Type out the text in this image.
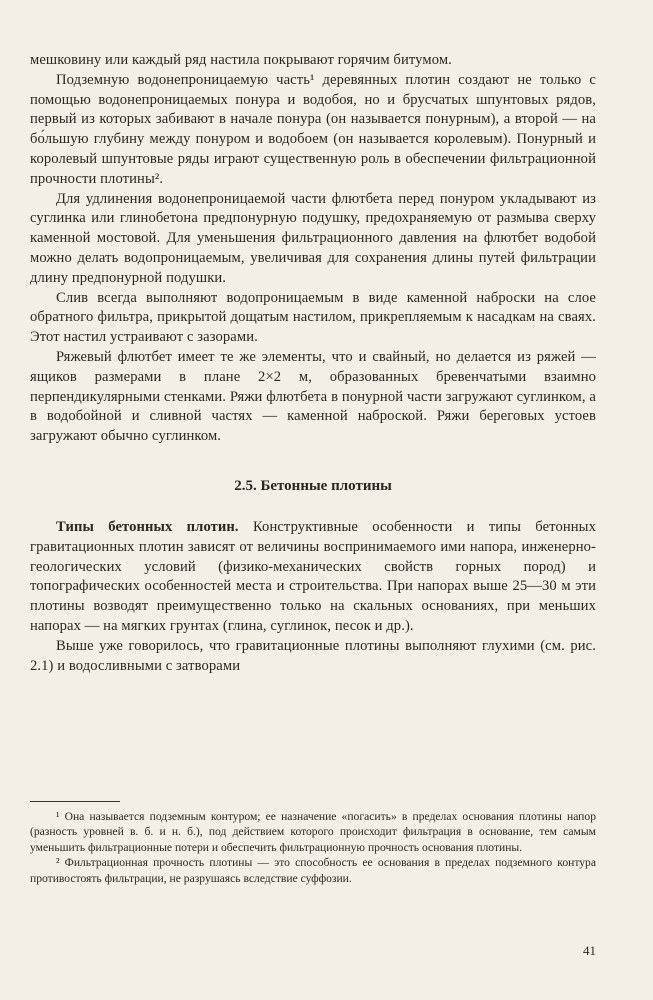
мешковину или каждый ряд настила покрывают горячим битумом.

Подземную водонепроницаемую часть¹ деревянных плотин создают не только с помощью водонепроницаемых понура и водобоя, но и брусчатых шпунтовых рядов, первый из которых забивают в начале понура (он называется понурным), а второй — на бо́льшую глубину между понуром и водобоем (он называется королевым). Понурный и королевый шпунтовые ряды играют существенную роль в обеспечении фильтрационной прочности плотины².

Для удлинения водонепроницаемой части флютбета перед понуром укладывают из суглинка или глинобетона предпонурную подушку, предохраняемую от размыва сверху каменной мостовой. Для уменьшения фильтрационного давления на флютбет водобой можно делать водопроницаемым, увеличивая для сохранения длины путей фильтрации длину предпонурной подушки.

Слив всегда выполняют водопроницаемым в виде каменной наброски на слое обратного фильтра, прикрытой дощатым настилом, прикрепляемым к насадкам на сваях. Этот настил устраивают с зазорами.

Ряжевый флютбет имеет те же элементы, что и свайный, но делается из ряжей — ящиков размерами в плане 2×2 м, образованных бревенчатыми взаимно перпендикулярными стенками. Ряжи флютбета в понурной части загружают суглинком, а в водобойной и сливной частях — каменной наброской. Ряжи береговых устоев загружают обычно суглинком.

2.5. Бетонные плотины

Типы бетонных плотин. Конструктивные особенности и типы бетонных гравитационных плотин зависят от величины воспринимаемого ими напора, инженерно-геологических условий (физико-механических свойств горных пород) и топографических особенностей места и строительства. При напорах выше 25—30 м эти плотины возводят преимущественно только на скальных основаниях, при меньших напорах — на мягких грунтах (глина, суглинок, песок и др.).

Выше уже говорилось, что гравитационные плотины выполняют глухими (см. рис. 2.1) и водосливными с затворами

¹ Она называется подземным контуром; ее назначение «погасить» в пределах основания плотины напор (разность уровней в. б. и н. б.), под действием которого происходит фильтрация в основание, тем самым уменьшить фильтрационные потери и обеспечить фильтрационную прочность основания плотины.

² Фильтрационная прочность плотины — это способность ее основания в пределах подземного контура противостоять фильтрации, не разрушаясь вследствие суффозии.

41
